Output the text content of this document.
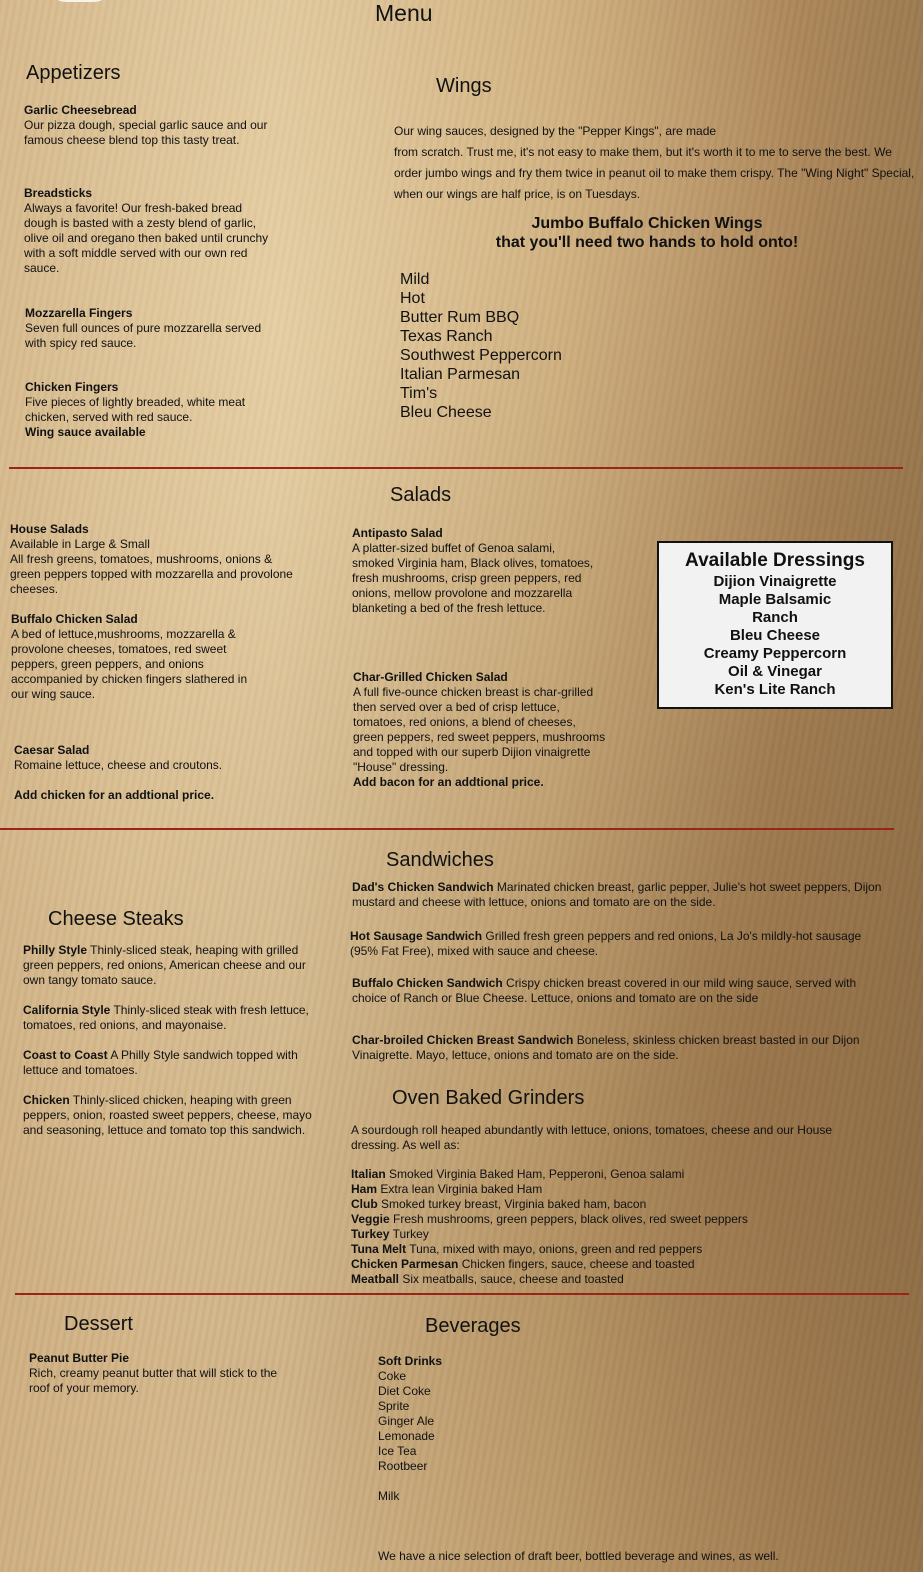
Menu
Appetizers
Garlic Cheesebread
Our pizza dough, special garlic sauce and our
famous cheese blend top this tasty treat.
Breadsticks
Always a favorite! Our fresh-baked bread
dough is basted with a zesty blend of garlic,
olive oil and oregano then baked until crunchy
with a soft middle served with our own red
sauce.
Mozzarella Fingers
Seven full ounces of pure mozzarella served
with spicy red sauce.
Chicken Fingers
Five pieces of lightly breaded, white meat
chicken, served with red sauce.
Wing sauce available
Wings
Our wing sauces, designed by the "Pepper Kings", are made
from scratch. Trust me, it's not easy to make them, but it's worth it to me to serve the best. We
order jumbo wings and fry them twice in peanut oil to make them crispy. The "Wing Night" Special,
when our wings are half price, is on Tuesdays.
Jumbo Buffalo Chicken Wings
that you'll need two hands to hold onto!
Mild
Hot
Butter Rum BBQ
Texas Ranch
Southwest Peppercorn
Italian Parmesan
Tim's
Bleu Cheese
Salads
House Salads
Available in Large & Small
All fresh greens, tomatoes, mushrooms, onions &
green peppers topped with mozzarella and provolone
cheeses.
Buffalo Chicken Salad
A bed of lettuce,mushrooms, mozzarella &
provolone cheeses, tomatoes, red sweet
peppers, green peppers, and onions
accompanied by chicken fingers slathered in
our wing sauce.
Caesar Salad
Romaine lettuce, cheese and croutons.

Add chicken for an addtional price.
Antipasto Salad
A platter-sized buffet of Genoa salami,
smoked Virginia ham, Black olives, tomatoes,
fresh mushrooms, crisp green peppers, red
onions, mellow provolone and mozzarella
blanketing a bed of the fresh lettuce.
Char-Grilled Chicken Salad
A full five-ounce chicken breast is char-grilled
then served over a bed of crisp lettuce,
tomatoes, red onions, a blend of cheeses,
green peppers, red sweet peppers, mushrooms
and topped with our superb Dijion vinaigrette
"House" dressing.
Add bacon for an addtional price.
Available Dressings
Dijion Vinaigrette
Maple Balsamic
Ranch
Bleu Cheese
Creamy Peppercorn
Oil & Vinegar
Ken's Lite Ranch
Sandwiches
Dad's Chicken Sandwich Marinated chicken breast, garlic pepper, Julie's hot sweet peppers, Dijon
mustard and cheese with lettuce, onions and tomato are on the side.
Hot Sausage Sandwich Grilled fresh green peppers and red onions, La Jo's mildly-hot sausage
(95% Fat Free), mixed with sauce and cheese.
Buffalo Chicken Sandwich Crispy chicken breast covered in our mild wing sauce, served with
choice of Ranch or Blue Cheese. Lettuce, onions and tomato are on the side
Char-broiled Chicken Breast Sandwich Boneless, skinless chicken breast basted in our Dijon
Vinaigrette. Mayo, lettuce, onions and tomato are on the side.
Cheese Steaks
Philly Style Thinly-sliced steak, heaping with grilled
green peppers, red onions, American cheese and our
own tangy tomato sauce.
California Style Thinly-sliced steak with fresh lettuce,
tomatoes, red onions, and mayonaise.
Coast to Coast A Philly Style sandwich topped with
lettuce and tomatoes.
Chicken Thinly-sliced chicken, heaping with green
peppers, onion, roasted sweet peppers, cheese, mayo
and seasoning, lettuce and tomato top this sandwich.
Oven Baked Grinders
A sourdough roll heaped abundantly with lettuce, onions, tomatoes, cheese and our House
dressing. As well as:
Italian Smoked Virginia Baked Ham, Pepperoni, Genoa salami
Ham Extra lean Virginia baked Ham
Club Smoked turkey breast, Virginia baked ham, bacon
Veggie Fresh mushrooms, green peppers, black olives, red sweet peppers
Turkey Turkey
Tuna Melt Tuna, mixed with mayo, onions, green and red peppers
Chicken Parmesan Chicken fingers, sauce, cheese and toasted
Meatball Six meatballs, sauce, cheese and toasted
Dessert
Peanut Butter Pie
Rich, creamy peanut butter that will stick to the
roof of your memory.
Beverages
Soft Drinks
Coke
Diet Coke
Sprite
Ginger Ale
Lemonade
Ice Tea
Rootbeer

Milk
We have a nice selection of draft beer, bottled beverage and wines, as well.
